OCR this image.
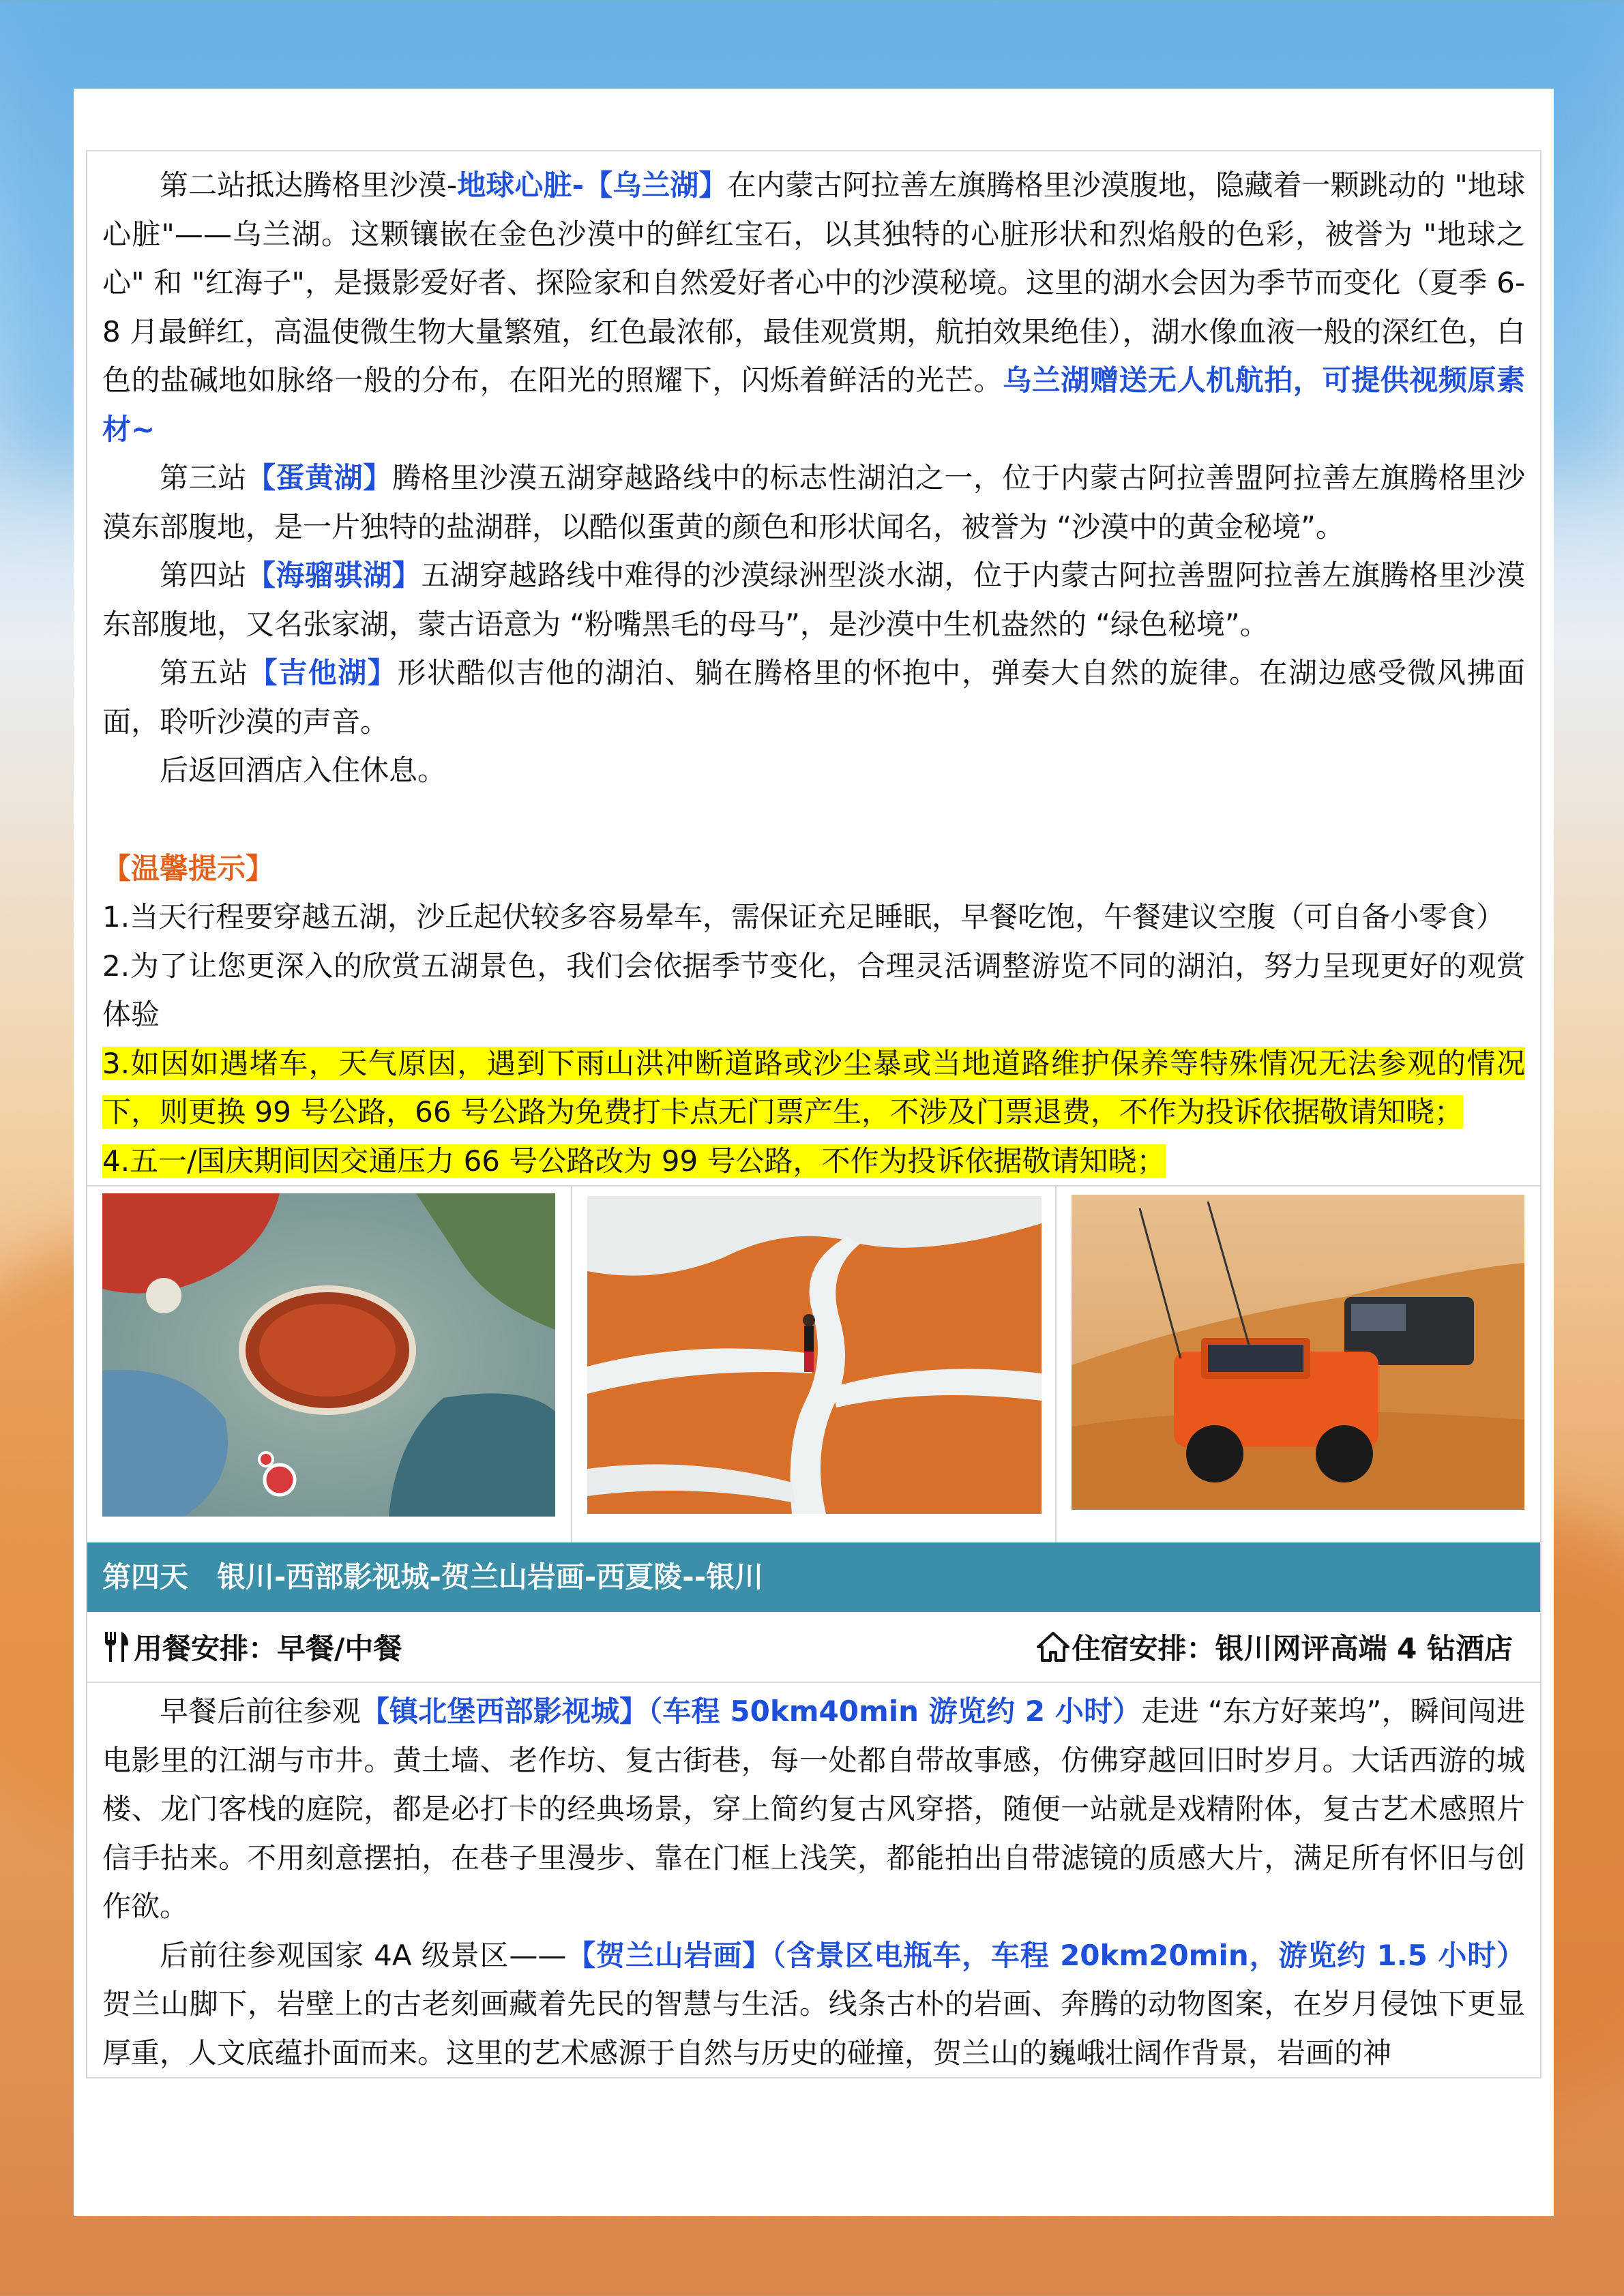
第二站抵达腾格里沙漠-地球心脏-【乌兰湖】在内蒙古阿拉善左旗腾格里沙漠腹地，隐藏着一颗跳动的 "地球心脏"——乌兰湖。这颗镶嵌在金色沙漠中的鲜红宝石，以其独特的心脏形状和烈焰般的色彩，被誉为 "地球之心" 和 "红海子"，是摄影爱好者、探险家和自然爱好者心中的沙漠秘境。这里的湖水会因为季节而变化（夏季 6-8 月最鲜红，高温使微生物大量繁殖，红色最浓郁，最佳观赏期，航拍效果绝佳），湖水像血液一般的深红色，白色的盐碱地如脉络一般的分布，在阳光的照耀下，闪烁着鲜活的光芒。乌兰湖赠送无人机航拍，可提供视频原素材~

第三站【蛋黄湖】腾格里沙漠五湖穿越路线中的标志性湖泊之一，位于内蒙古阿拉善盟阿拉善左旗腾格里沙漠东部腹地，是一片独特的盐湖群，以酷似蛋黄的颜色和形状闻名，被誉为 “沙漠中的黄金秘境”。

第四站【海骝骐湖】五湖穿越路线中难得的沙漠绿洲型淡水湖，位于内蒙古阿拉善盟阿拉善左旗腾格里沙漠东部腹地，又名张家湖，蒙古语意为 “粉嘴黑毛的母马”，是沙漠中生机盎然的 “绿色秘境”。

第五站【吉他湖】形状酷似吉他的湖泊、躺在腾格里的怀抱中，弹奏大自然的旋律。在湖边感受微风拂面面，聆听沙漠的声音。

后返回酒店入住休息。

【温馨提示】

1.当天行程要穿越五湖，沙丘起伏较多容易晕车，需保证充足睡眠，早餐吃饱，午餐建议空腹（可自备小零食）

2.为了让您更深入的欣赏五湖景色，我们会依据季节变化，合理灵活调整游览不同的湖泊，努力呈现更好的观赏体验

3.如因如遇堵车，天气原因，遇到下雨山洪冲断道路或沙尘暴或当地道路维护保养等特殊情况无法参观的情况下，则更换 99 号公路，66 号公路为免费打卡点无门票产生，不涉及门票退费，不作为投诉依据敬请知晓；

4.五一/国庆期间因交通压力 66 号公路改为 99 号公路，不作为投诉依据敬请知晓；

第四天　银川-西部影视城-贺兰山岩画-西夏陵--银川
用餐安排：早餐/中餐	住宿安排：银川网评高端 4 钻酒店

早餐后前往参观【镇北堡西部影视城】（车程 50km40min 游览约 2 小时）走进 “东方好莱坞”，瞬间闯进电影里的江湖与市井。黄土墙、老作坊、复古街巷，每一处都自带故事感，仿佛穿越回旧时岁月。大话西游的城楼、龙门客栈的庭院，都是必打卡的经典场景，穿上简约复古风穿搭，随便一站就是戏精附体，复古艺术感照片信手拈来。不用刻意摆拍，在巷子里漫步、靠在门框上浅笑，都能拍出自带滤镜的质感大片，满足所有怀旧与创作欲。

后前往参观国家 4A 级景区——【贺兰山岩画】（含景区电瓶车，车程 20km20min，游览约 1.5 小时）贺兰山脚下，岩壁上的古老刻画藏着先民的智慧与生活。线条古朴的岩画、奔腾的动物图案，在岁月侵蚀下更显厚重，人文底蕴扑面而来。这里的艺术感源于自然与历史的碰撞，贺兰山的巍峨壮阔作背景，岩画的神
